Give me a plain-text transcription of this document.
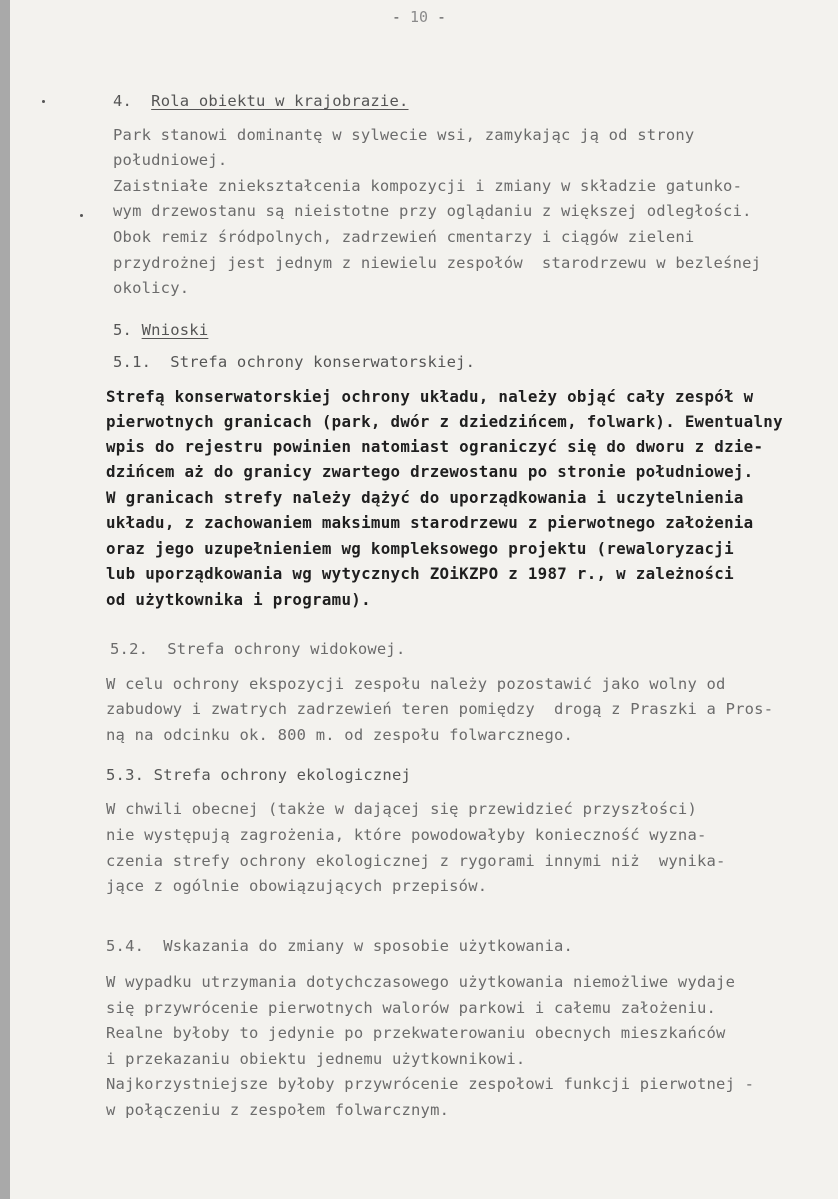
- 10 -
4. Rola obiektu w krajobrazie.
Park stanowi dominantę w sylwecie wsi, zamykając ją od strony
południowej.
Zaistniałe zniekształcenia kompozycji i zmiany w składzie gatunko-
wym drzewostanu są nieistotne przy oglądaniu z większej odległości.
Obok remiz śródpolnych, zadrzewień cmentarzy i ciągów zieleni
przydrożnej jest jednym z niewielu zespołów  starodrzewu w bezleśnej
okolicy.
5. Wnioski
5.1.  Strefa ochrony konserwatorskiej.
Strefą konserwatorskiej ochrony układu, należy objąć cały zespół w
pierwotnych granicach (park, dwór z dziedzińcem, folwark). Ewentualny
wpis do rejestru powinien natomiast ograniczyć się do dworu z dzie-
dzińcem aż do granicy zwartego drzewostanu po stronie południowej.
W granicach strefy należy dążyć do uporządkowania i uczytelnienia
układu, z zachowaniem maksimum starodrzewu z pierwotnego założenia
oraz jego uzupełnieniem wg kompleksowego projektu (rewaloryzacji
lub uporządkowania wg wytycznych ZOiKZPO z 1987 r., w zależności
od użytkownika i programu).
5.2.  Strefa ochrony widokowej.
W celu ochrony ekspozycji zespołu należy pozostawić jako wolny od
zabudowy i zwatrych zadrzewień teren pomiędzy  drogą z Praszki a Pros-
ną na odcinku ok. 800 m. od zespołu folwarcznego.
5.3. Strefa ochrony ekologicznej
W chwili obecnej (także w dającej się przewidzieć przyszłości)
nie występują zagrożenia, które powodowałyby konieczność wyzna-
czenia strefy ochrony ekologicznej z rygorami innymi niż  wynika-
jące z ogólnie obowiązujących przepisów.
5.4.  Wskazania do zmiany w sposobie użytkowania.
W wypadku utrzymania dotychczasowego użytkowania niemożliwe wydaje
się przywrócenie pierwotnych walorów parkowi i całemu założeniu.
Realne byłoby to jedynie po przekwaterowaniu obecnych mieszkańców
i przekazaniu obiektu jednemu użytkownikowi.
Najkorzystniejsze byłoby przywrócenie zespołowi funkcji pierwotnej -
w połączeniu z zespołem folwarcznym.
